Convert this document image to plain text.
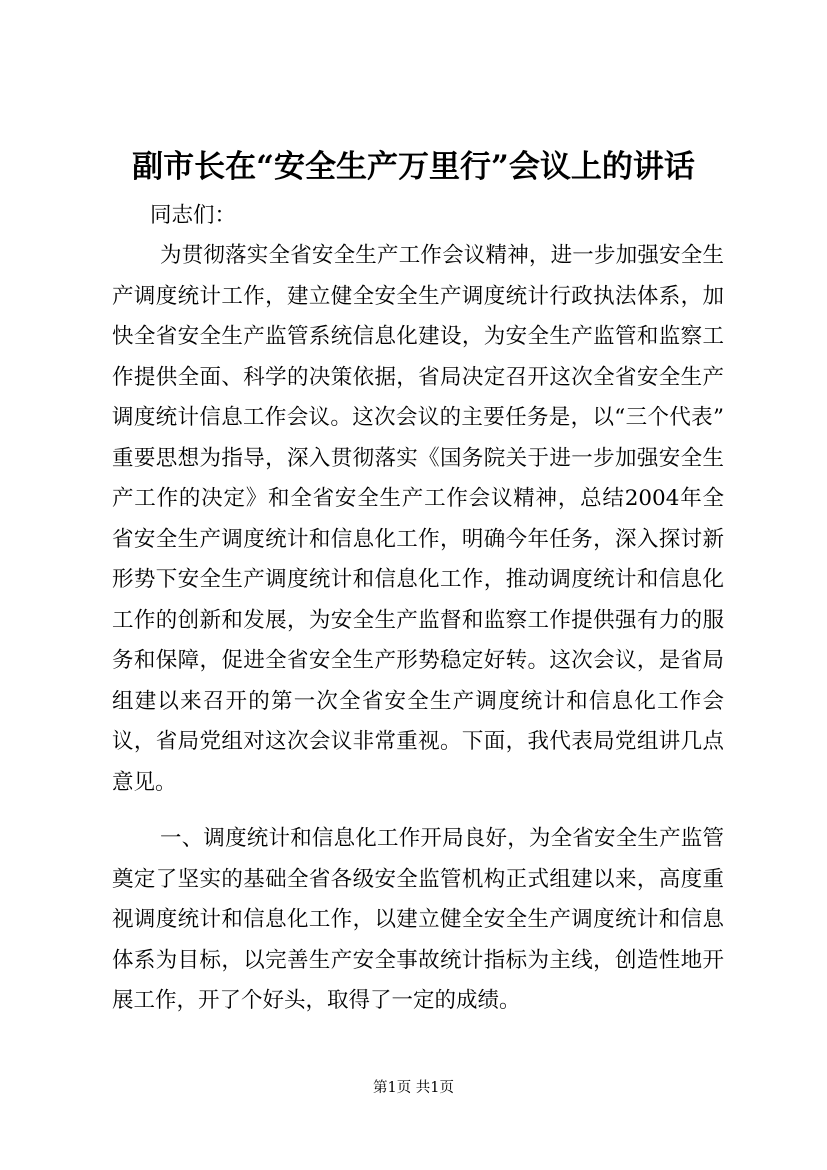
副市长在“安全生产万里行”会议上的讲话
同志们：
为贯彻落实全省安全生产工作会议精神，进一步加强安全生
产调度统计工作，建立健全安全生产调度统计行政执法体系，加
快全省安全生产监管系统信息化建设，为安全生产监管和监察工
作提供全面、科学的决策依据，省局决定召开这次全省安全生产
调度统计信息工作会议。这次会议的主要任务是，以“三个代表”
重要思想为指导，深入贯彻落实《国务院关于进一步加强安全生
产工作的决定》和全省安全生产工作会议精神，总结2004年全
省安全生产调度统计和信息化工作，明确今年任务，深入探讨新
形势下安全生产调度统计和信息化工作，推动调度统计和信息化
工作的创新和发展，为安全生产监督和监察工作提供强有力的服
务和保障，促进全省安全生产形势稳定好转。这次会议，是省局
组建以来召开的第一次全省安全生产调度统计和信息化工作会
议，省局党组对这次会议非常重视。下面，我代表局党组讲几点
意见。
一、调度统计和信息化工作开局良好，为全省安全生产监管
奠定了坚实的基础全省各级安全监管机构正式组建以来，高度重
视调度统计和信息化工作，以建立健全安全生产调度统计和信息
体系为目标，以完善生产安全事故统计指标为主线，创造性地开
展工作，开了个好头，取得了一定的成绩。
第1页 共1页
